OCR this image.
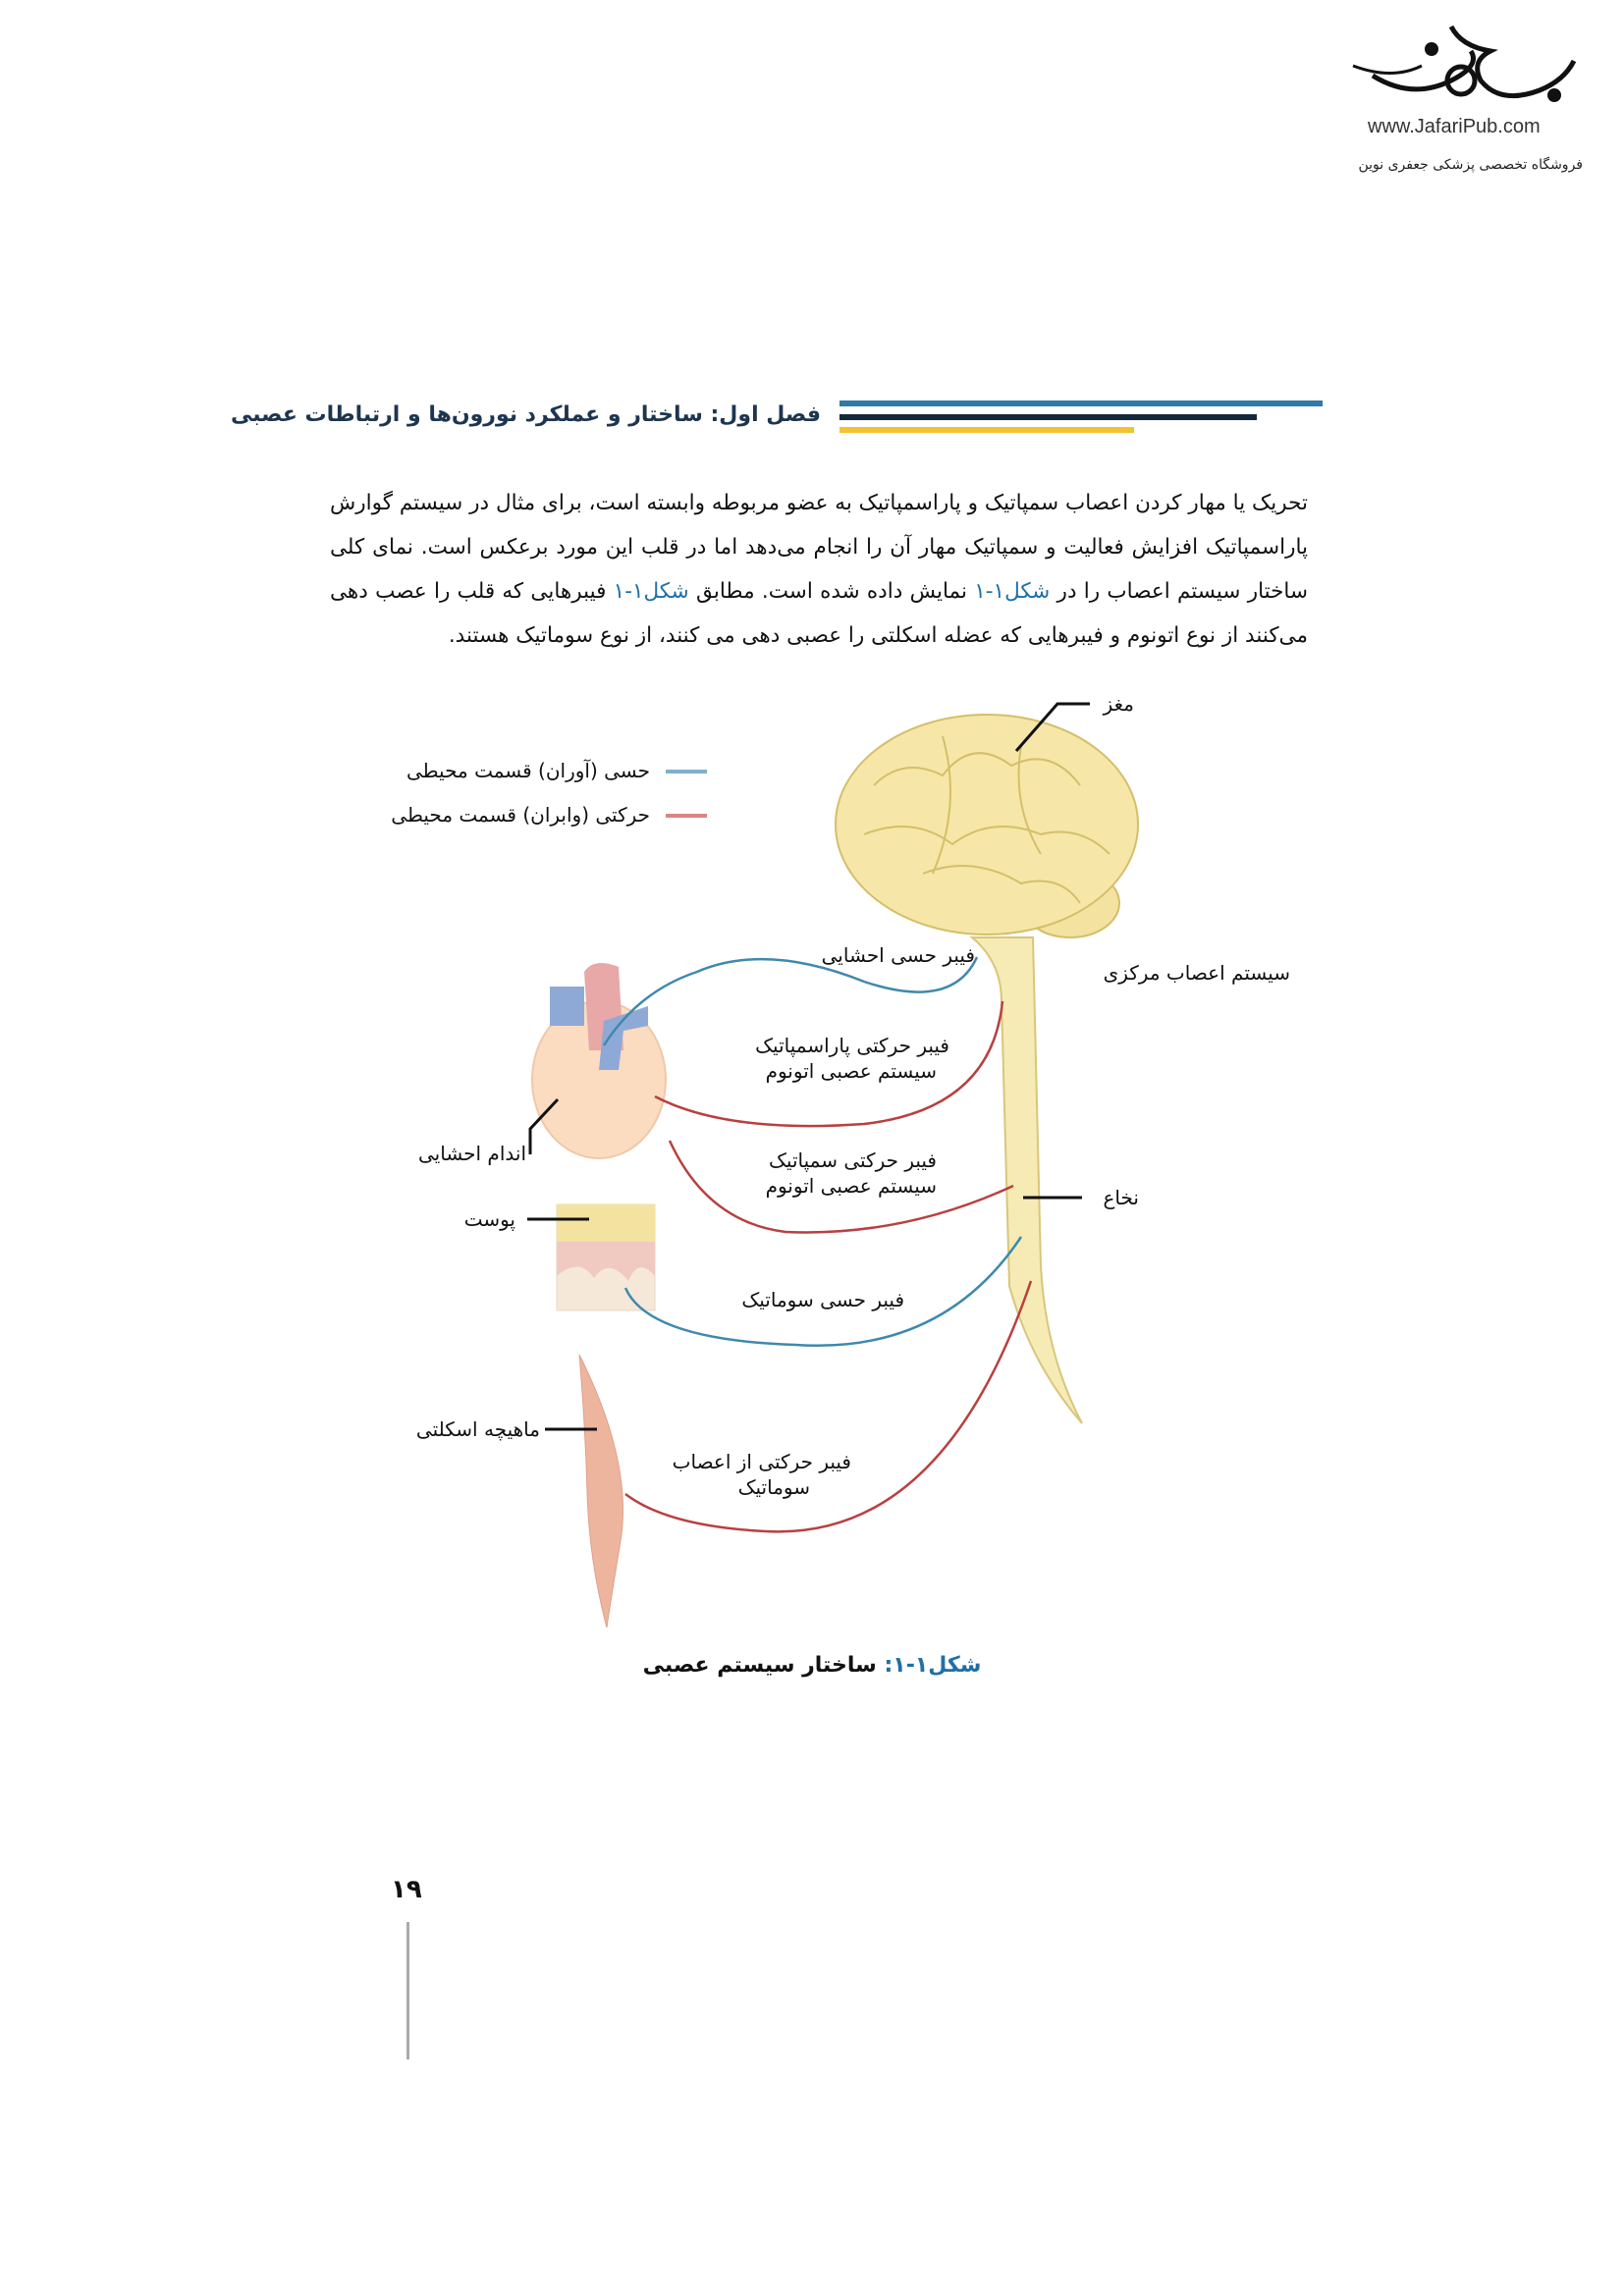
www.JafariPub.com
فروشگاه تخصصی پزشکی جعفری نوین
فصل اول: ساختار و عملکرد نورون‌ها و ارتباطات عصبی
تحریک یا مهار کردن اعصاب سمپاتیک و پاراسمپاتیک به عضو مربوطه وابسته است، برای مثال در سیستم گوارش پاراسمپاتیک افزایش فعالیت و سمپاتیک مهار آن را انجام می‌دهد اما در قلب این مورد برعکس است. نمای کلی ساختار سیستم اعصاب را در شکل۱-۱ نمایش داده شده است. مطابق شکل۱-۱ فیبرهایی که قلب را عصب دهی می‌کنند از نوع اتونوم و فیبرهایی که عضله اسکلتی را عصبی دهی می کنند، از نوع سوماتیک هستند.
مغز
سیستم اعصاب مرکزی
نخاع
حسی (آوران) قسمت محیطی
حرکتی (وابران) قسمت محیطی
اندام احشایی
پوست
ماهیچه اسکلتی
فیبر حسی احشایی
فیبر حرکتی پاراسمپاتیک
سیستم عصبی اتونوم
فیبر حرکتی سمپاتیک
سیستم عصبی اتونوم
فیبر حسی سوماتیک
فیبر حرکتی از اعصاب
سوماتیک
شکل۱-۱: ساختار سیستم عصبی
۱۹
